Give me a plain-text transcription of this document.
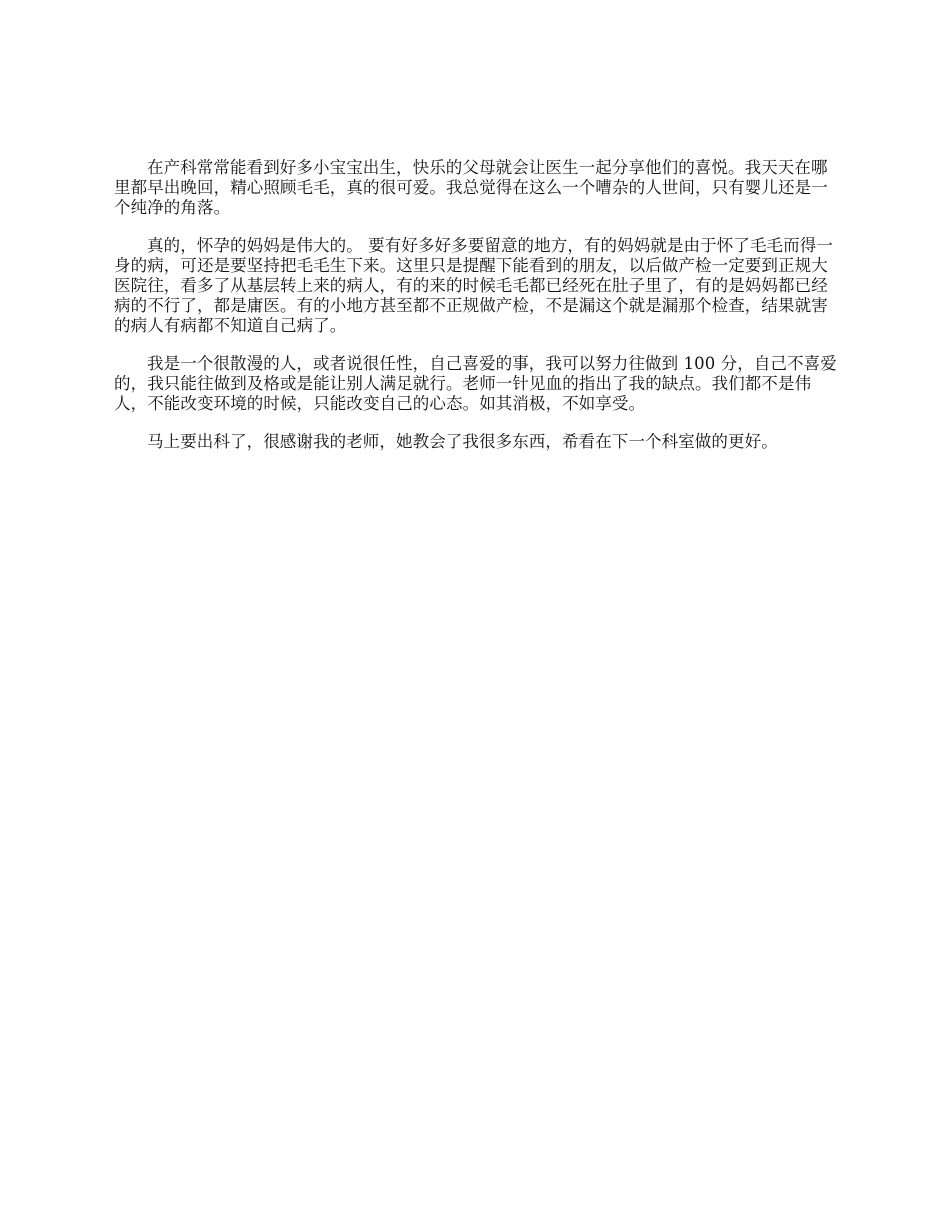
在产科常常能看到好多小宝宝出生，快乐的父母就会让医生一起分享他们的喜悦。我天天在哪里都早出晚回，精心照顾毛毛，真的很可爱。我总觉得在这么一个嘈杂的人世间，只有婴儿还是一个纯净的角落。

真的，怀孕的妈妈是伟大的。 要有好多好多要留意的地方，有的妈妈就是由于怀了毛毛而得一身的病，可还是要坚持把毛毛生下来。这里只是提醒下能看到的朋友，以后做产检一定要到正规大医院往，看多了从基层转上来的病人，有的来的时候毛毛都已经死在肚子里了，有的是妈妈都已经病的不行了，都是庸医。有的小地方甚至都不正规做产检，不是漏这个就是漏那个检查，结果就害的病人有病都不知道自己病了。

我是一个很散漫的人，或者说很任性，自己喜爱的事，我可以努力往做到 100 分，自己不喜爱的，我只能往做到及格或是能让别人满足就行。老师一针见血的指出了我的缺点。我们都不是伟人，不能改变环境的时候，只能改变自己的心态。如其消极，不如享受。

马上要出科了，很感谢我的老师，她教会了我很多东西，希看在下一个科室做的更好。
